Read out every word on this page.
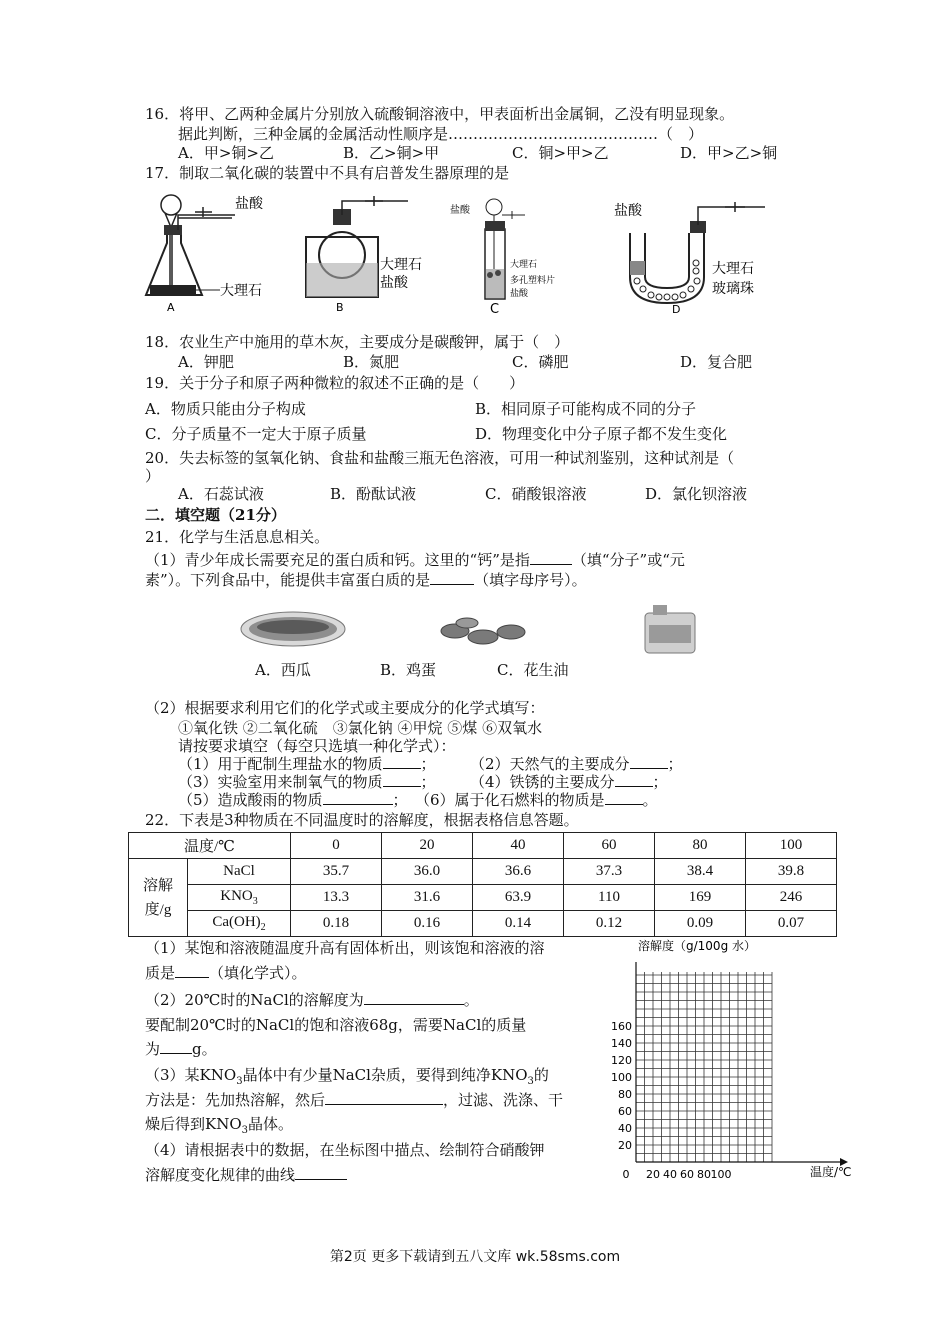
16．将甲、乙两种金属片分别放入硫酸铜溶液中，甲表面析出金属铜，乙没有明显现象。
据此判断，三种金属的金属活动性顺序是……………………………………（　）
A．甲>铜>乙	B．乙>铜>甲	C．铜>甲>乙	D．甲>乙>铜
17．制取二氧化碳的装置中不具有启普发生器原理的是
盐酸
大理石
A
大理石
盐酸
B
盐酸
大理石
多孔塑料片
盐酸
C
盐酸
大理石
玻璃珠
D
18．农业生产中施用的草木灰，主要成分是碳酸钾，属于（　）
A．钾肥	B．氮肥	C．磷肥	D．复合肥
19．关于分子和原子两种微粒的叙述不正确的是（　　）
A．物质只能由分子构成	B．相同原子可能构成不同的分子
C．分子质量不一定大于原子质量	D．物理变化中分子原子都不发生变化
20．失去标签的氢氧化钠、食盐和盐酸三瓶无色溶液，可用一种试剂鉴别，这种试剂是（
）
A．石蕊试液	B．酚酞试液	C．硝酸银溶液	D．氯化钡溶液
二．填空题（21分）
21．化学与生活息息相关。
（1）青少年成长需要充足的蛋白质和钙。这里的“钙”是指	（填“分子”或“元
素”）。下列食品中，能提供丰富蛋白质的是	（填字母序号）。
A．西瓜	B．鸡蛋	C．花生油
（2）根据要求利用它们的化学式或主要成分的化学式填写：
①氧化铁 ②二氧化硫　③氯化钠 ④甲烷 ⑤煤 ⑥双氧水
请按要求填空（每空只选填一种化学式）：
（1）用于配制生理盐水的物质	； （2）天然气的主要成分	；
（3）实验室用来制氧气的物质	； （4）铁锈的主要成分	；
（5）造成酸雨的物质	； （6）属于化石燃料的物质是	。
22．下表是3种物质在不同温度时的溶解度，根据表格信息答题。
温度/℃		0	20	40	60	80	100
溶解
度/g	NaCl	35.7	36.0	36.6	37.3	38.4	39.8
	$KNO_3$	13.3	31.6	63.9	110	169	246
	$Ca(OH)_2$	0.18	0.16	0.14	0.12	0.09	0.07
（1）某饱和溶液随温度升高有固体析出，则该饱和溶液的溶
质是 （填化学式）。
（2）20℃时的NaCl的溶解度为	。
要配制20℃时的NaCl的饱和溶液68g，需要NaCl的质量
为 g。
（3）某$KNO_3$晶体中有少量NaCl杂质，要得到纯净$KNO_3$的
方法是：先加热溶解，然后	，过滤、洗涤、干
燥后得到$KNO_3$晶体。
（4）请根据表中的数据，在坐标图中描点、绘制符合硝酸钾
溶解度变化规律的曲线
溶解度（g/100g 水）
温度/℃
20
40
60
80
100
120
140
160
20 40 60 80 100
0
第2页 更多下载请到五八文库 wk.58sms.com
